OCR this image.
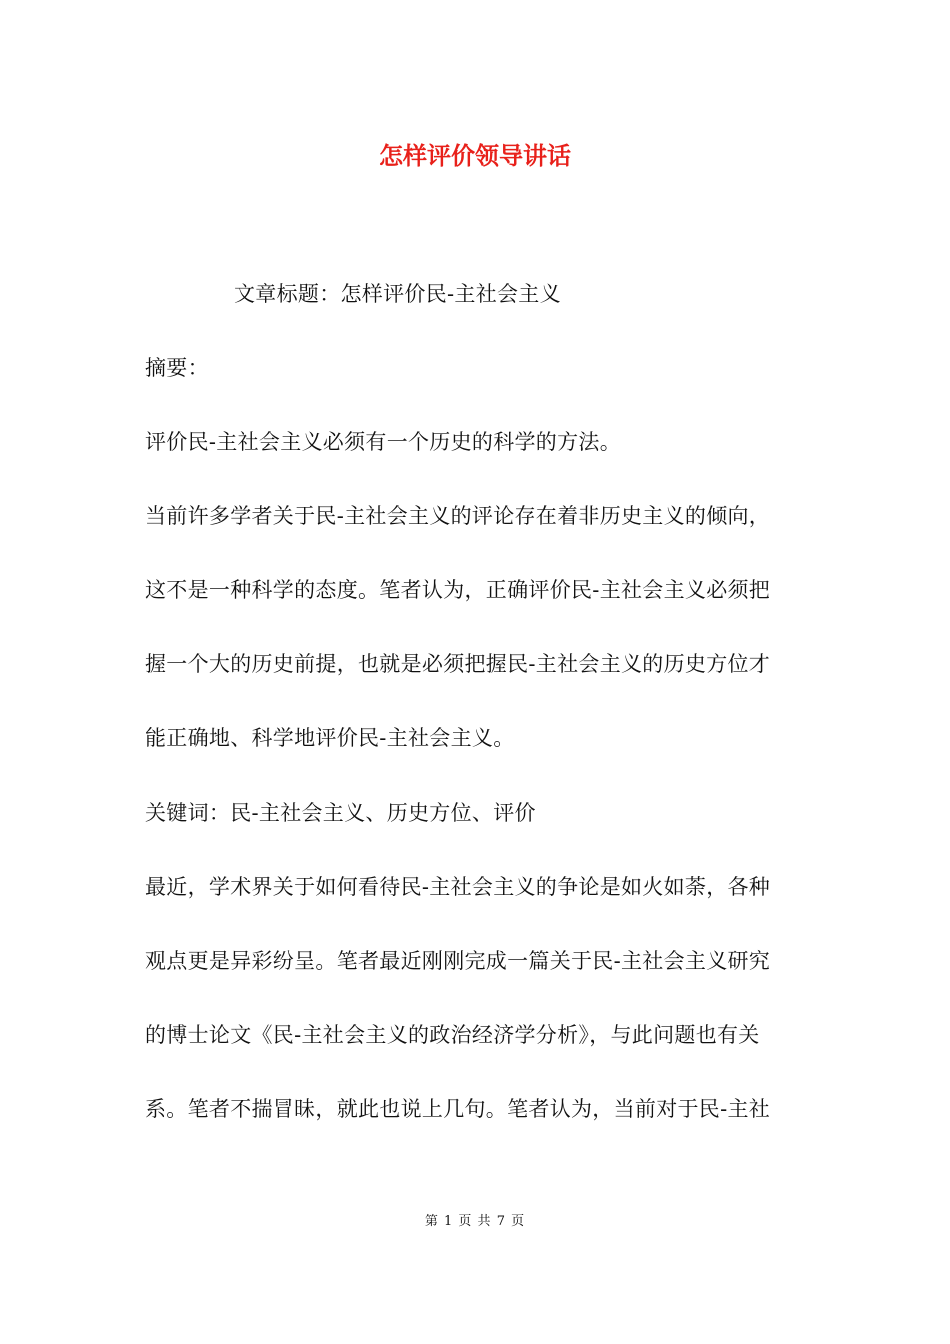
怎样评价领导讲话
文章标题：怎样评价民-主社会主义
摘要：
评价民-主社会主义必须有一个历史的科学的方法。
当前许多学者关于民-主社会主义的评论存在着非历史主义的倾向，
这不是一种科学的态度。笔者认为，正确评价民-主社会主义必须把
握一个大的历史前提，也就是必须把握民-主社会主义的历史方位才
能正确地、科学地评价民-主社会主义。
关键词：民-主社会主义、历史方位、评价
最近，学术界关于如何看待民-主社会主义的争论是如火如荼，各种
观点更是异彩纷呈。笔者最近刚刚完成一篇关于民-主社会主义研究
的博士论文《民-主社会主义的政治经济学分析》，与此问题也有关
系。笔者不揣冒昧，就此也说上几句。笔者认为，当前对于民-主社
第 1 页 共 7 页
